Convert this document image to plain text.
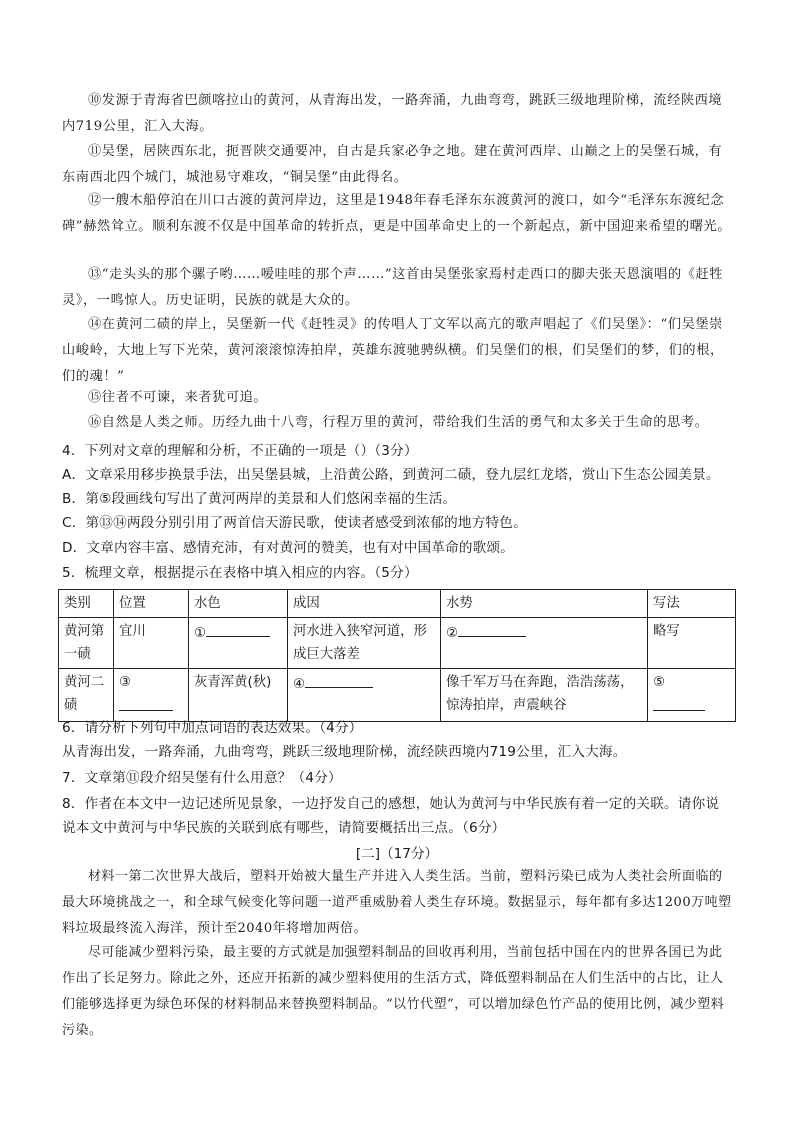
⑩发源于青海省巴颜喀拉山的黄河，从青海出发，一路奔涌，九曲弯弯，跳跃三级地理阶梯，流经陕西境内719公里，汇入大海。

⑪吴堡，居陕西东北，扼晋陕交通要冲，自古是兵家必争之地。建在黄河西岸、山巅之上的吴堡石城，有东南西北四个城门，城池易守难攻，“铜吴堡”由此得名。

⑫一艘木船停泊在川口古渡的黄河岸边，这里是1948年春毛泽东东渡黄河的渡口，如今“毛泽东东渡纪念碑”赫然耸立。顺利东渡不仅是中国革命的转折点，更是中国革命史上的一个新起点，新中国迎来希望的曙光。

⑬“走头头的那个骡子哟……嗳哇哇的那个声……”这首由吴堡张家焉村走西口的脚夫张天恩演唱的《赶牲灵》，一鸣惊人。历史证明，民族的就是大众的。

⑭在黄河二碛的岸上，吴堡新一代《赶牲灵》的传唱人丁文军以高亢的歌声唱起了《们吴堡》：“们吴堡崇山峻岭，大地上写下光荣，黄河滚滚惊涛拍岸，英雄东渡驰骋纵横。们吴堡们的根，们吴堡们的梦，们的根，们的魂！”

⑮往者不可谏，来者犹可追。

⑯自然是人类之师。历经九曲十八弯，行程万里的黄河，带给我们生活的勇气和太多关于生命的思考。

4．下列对文章的理解和分析，不正确的一项是（）（3分）

A．文章采用移步换景手法，出吴堡县城，上沿黄公路，到黄河二碛，登九层红龙塔，赏山下生态公园美景。

B．第⑤段画线句写出了黄河两岸的美景和人们悠闲幸福的生活。

C．第⑬⑭两段分别引用了两首信天游民歌，使读者感受到浓郁的地方特色。

D．文章内容丰富、感情充沛，有对黄河的赞美，也有对中国革命的歌颂。

5．梳理文章，根据提示在表格中填入相应的内容。（5分）

类别	位置	水色	成因	水势	写法
黄河第一碛	宜川	①	河水进入狭窄河道，形成巨大落差	②	略写
黄河二碛	③	灰青浑黄(秋)	④	像千军万马在奔跑，浩浩荡荡，惊涛拍岸，声震峡谷	⑤

6．请分析下列句中加点词语的表达效果。（4分）

从青海出发，一路奔涌，九曲弯弯，跳跃三级地理阶梯，流经陕西境内719公里，汇入大海。

7．文章第⑪段介绍吴堡有什么用意？（4分）

8．作者在本文中一边记述所见景象，一边抒发自己的感想，她认为黄河与中华民族有着一定的关联。请你说

说本文中黄河与中华民族的关联到底有哪些，请简要概括出三点。（6分）

[二]（17分）

材料一第二次世界大战后，塑料开始被大量生产并进入人类生活。当前，塑料污染已成为人类社会所面临的最大环境挑战之一，和全球气候变化等问题一道严重威胁着人类生存环境。数据显示，每年都有多达1200万吨塑料垃圾最终流入海洋，预计至2040年将增加两倍。

尽可能减少塑料污染，最主要的方式就是加强塑料制品的回收再利用，当前包括中国在内的世界各国已为此作出了长足努力。除此之外，还应开拓新的减少塑料使用的生活方式，降低塑料制品在人们生活中的占比，让人们能够选择更为绿色环保的材料制品来替换塑料制品。“以竹代塑”，可以增加绿色竹产品的使用比例，减少塑料污染。
